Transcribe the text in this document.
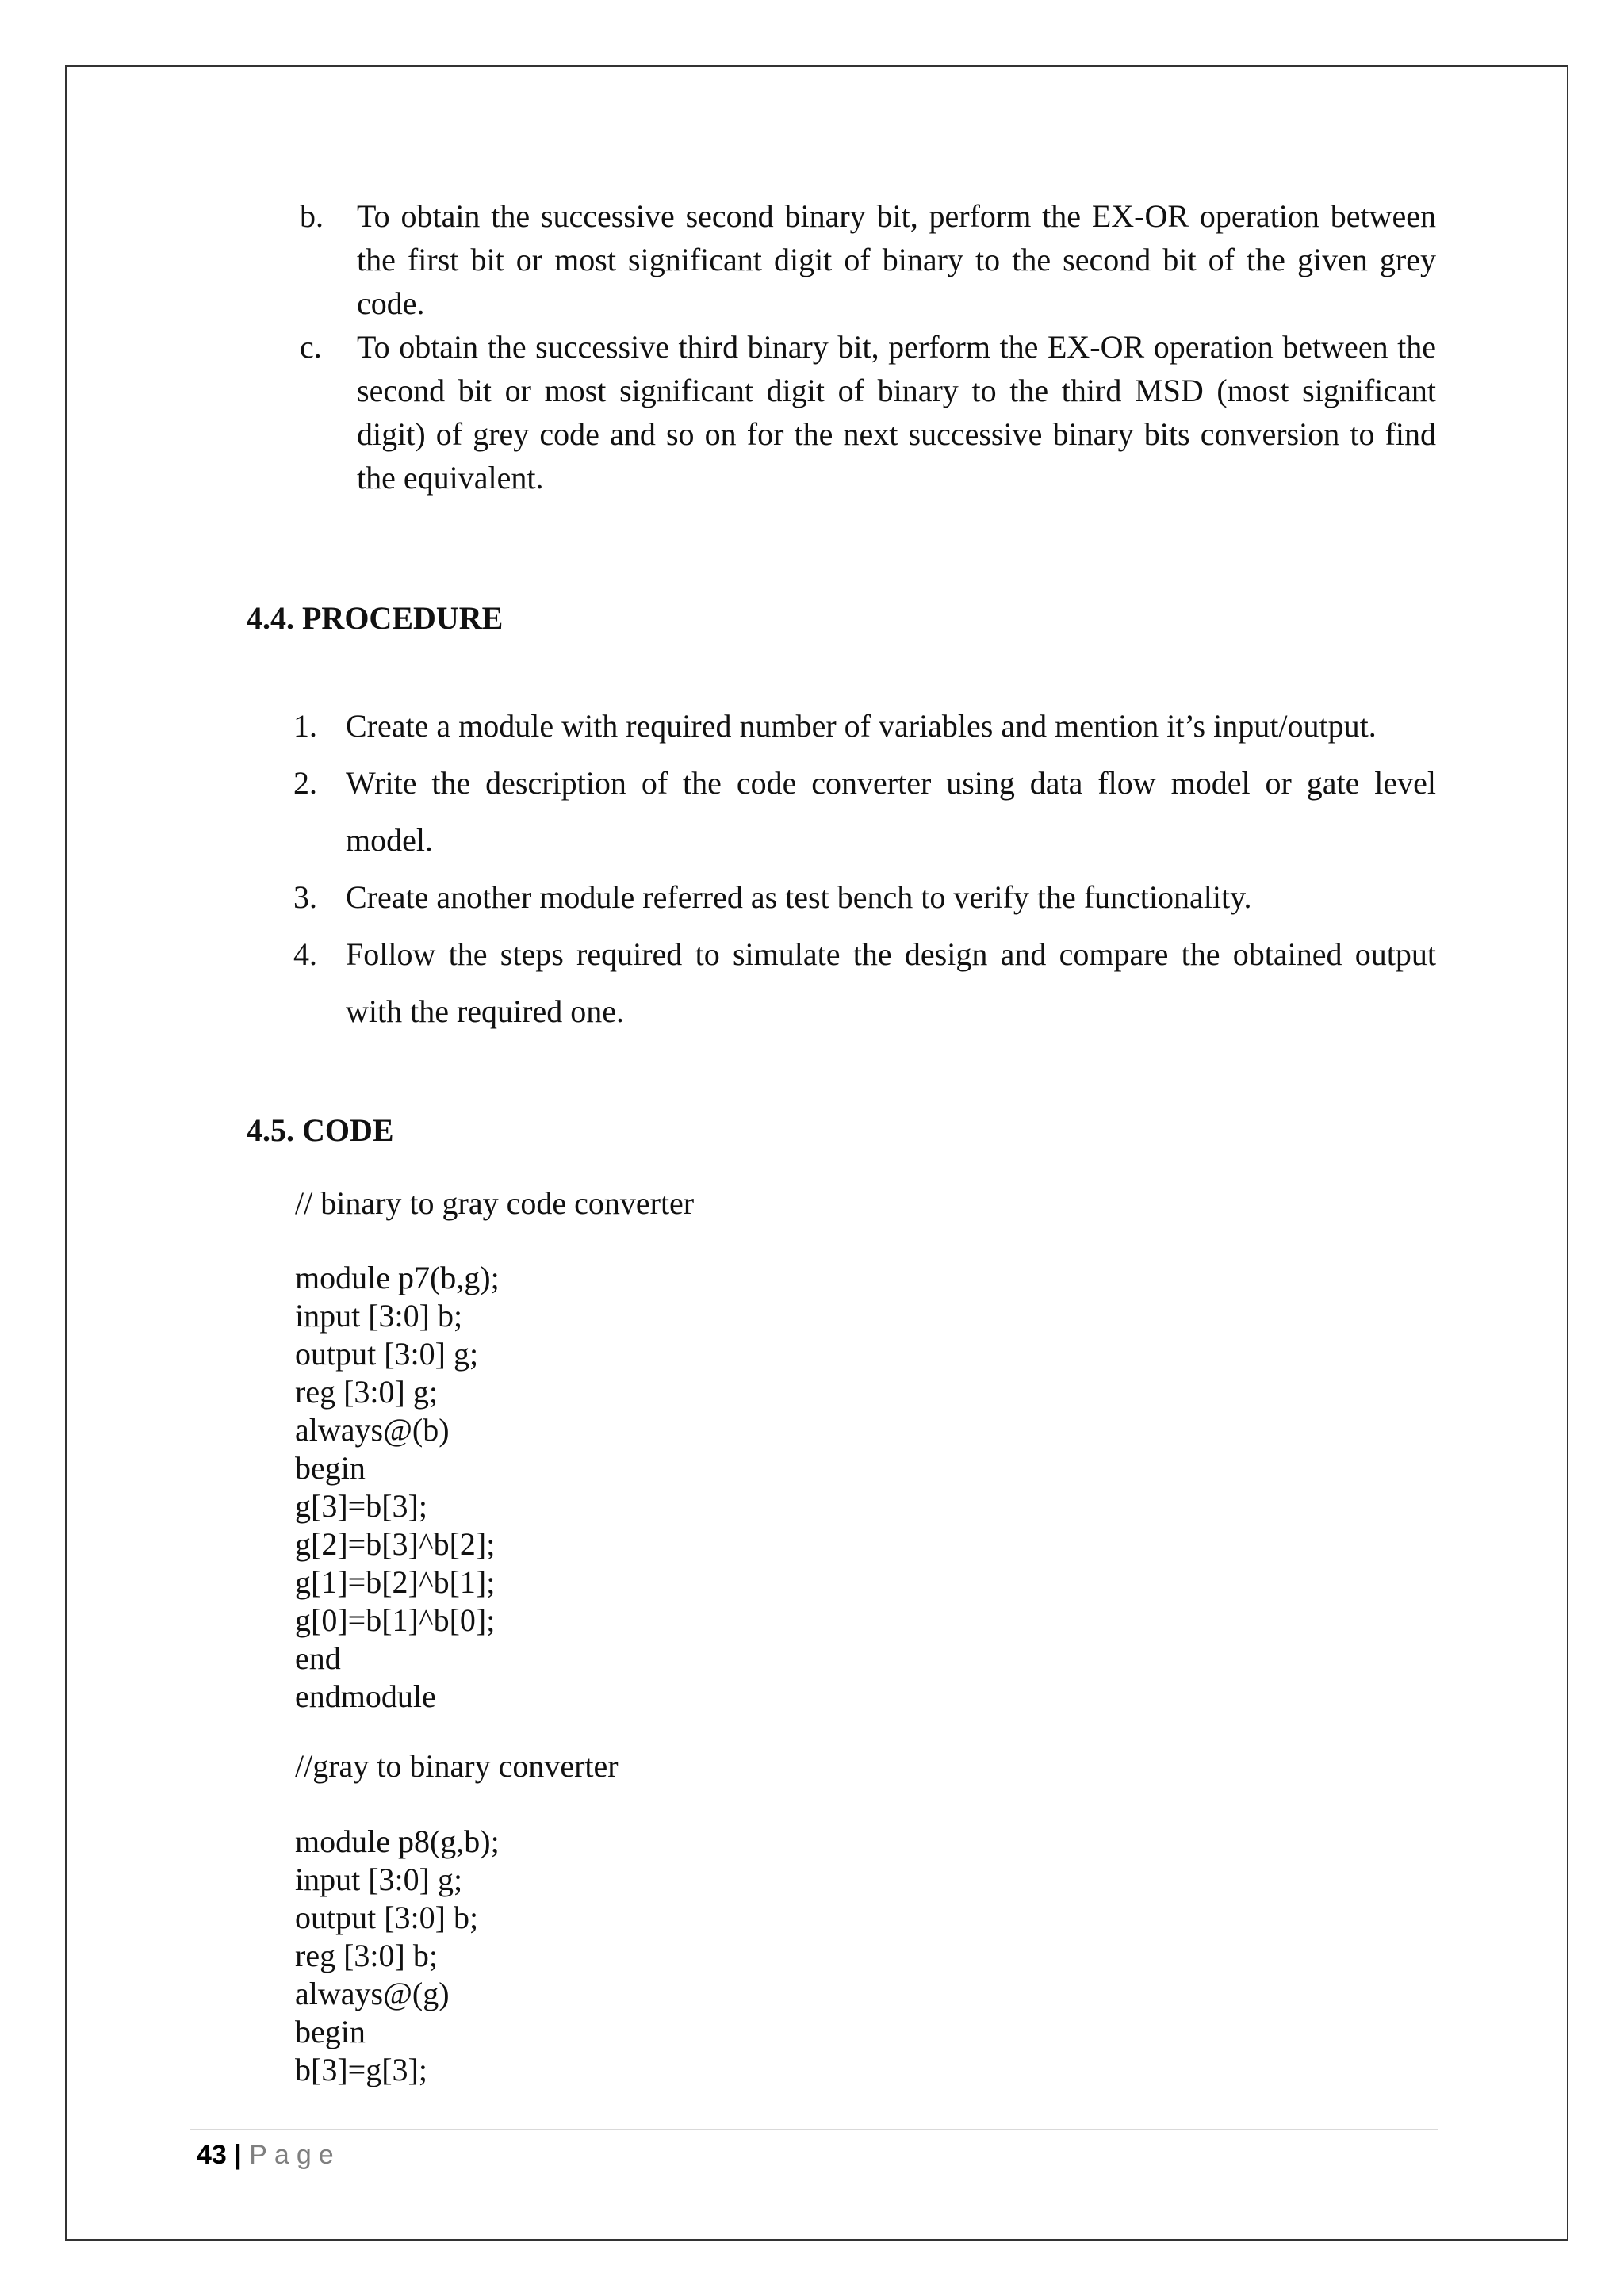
b. To obtain the successive second binary bit, perform the EX-OR operation between the first bit or most significant digit of binary to the second bit of the given grey code.
c. To obtain the successive third binary bit, perform the EX-OR operation between the second bit or most significant digit of binary to the third MSD (most significant digit) of grey code and so on for the next successive binary bits conversion to find the equivalent.
4.4. PROCEDURE
1. Create a module with required number of variables and mention it’s input/output.
2. Write the description of the code converter using data flow model or gate level model.
3. Create another module referred as test bench to verify the functionality.
4. Follow the steps required to simulate the design and compare the obtained output with the required one.
4.5. CODE

// binary to gray code converter

module p7(b,g);
input [3:0] b;
output [3:0] g;
reg [3:0] g;
always@(b)
begin
g[3]=b[3];
g[2]=b[3]^b[2];
g[1]=b[2]^b[1];
g[0]=b[1]^b[0];
end
endmodule

//gray to binary converter

module p8(g,b);
input [3:0] g;
output [3:0] b;
reg [3:0] b;
always@(g)
begin
b[3]=g[3];
43 | Page
